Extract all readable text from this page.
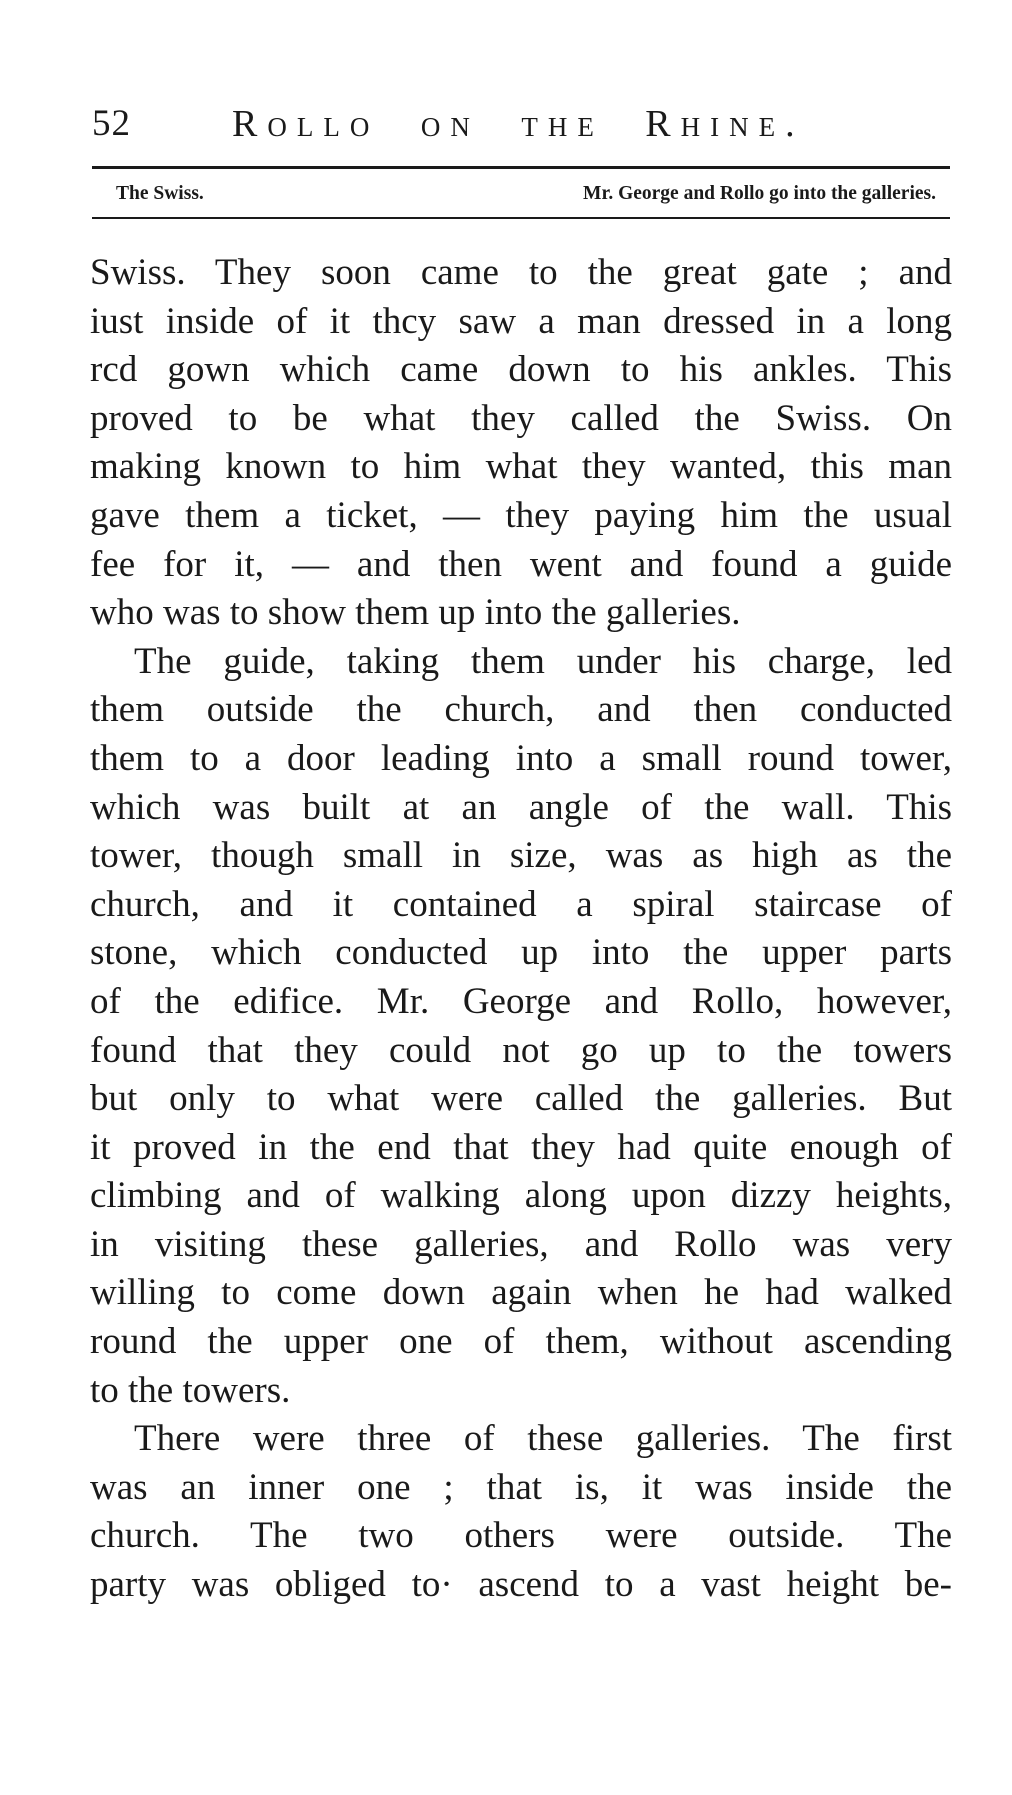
52	Rollo on the Rhine.
The Swiss.	Mr. George and Rollo go into the galleries.
Swiss. They soon came to the great gate ; and
iust inside of it thcy saw a man dressed in a long
rcd gown which came down to his ankles. This
proved to be what they called the Swiss. On
making known to him what they wanted, this man
gave them a ticket, — they paying him the usual
fee for it, — and then went and found a guide
who was to show them up into the galleries.
The guide, taking them under his charge, led
them outside the church, and then conducted
them to a door leading into a small round tower,
which was built at an angle of the wall. This
tower, though small in size, was as high as the
church, and it contained a spiral staircase of
stone, which conducted up into the upper parts
of the edifice. Mr. George and Rollo, however,
found that they could not go up to the towers
but only to what were called the galleries. But
it proved in the end that they had quite enough of
climbing and of walking along upon dizzy heights,
in visiting these galleries, and Rollo was very
willing to come down again when he had walked
round the upper one of them, without ascending
to the towers.
There were three of these galleries. The first
was an inner one ; that is, it was inside the
church. The two others were outside. The
party was obliged to· ascend to a vast height be-
